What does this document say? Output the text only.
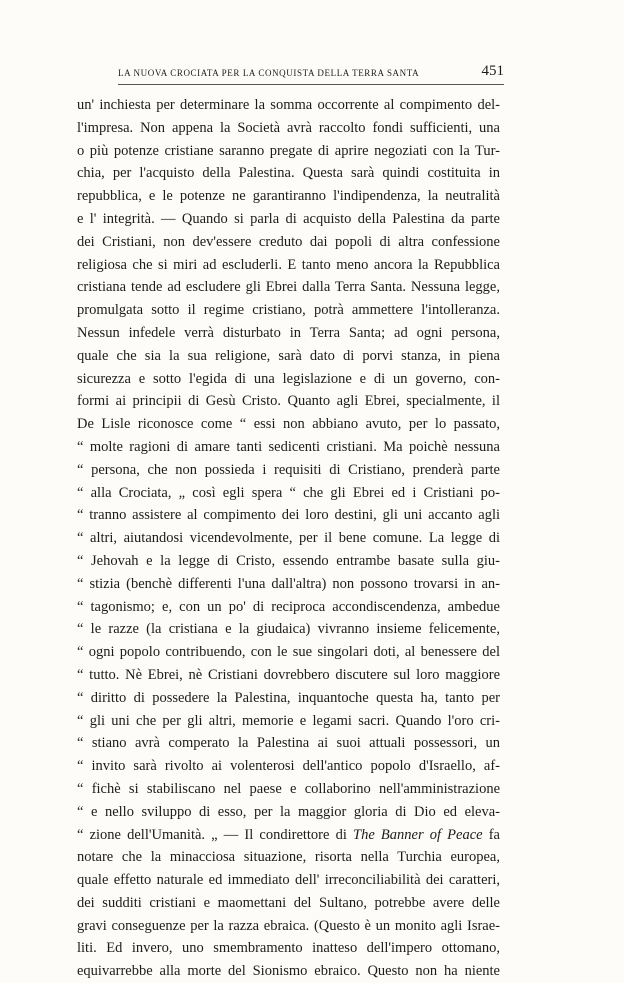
LA NUOVA CROCIATA PER LA CONQUISTA DELLA TERRA SANTA	451
un' inchiesta per determinare la somma occorrente al compimento del-
l'impresa. Non appena la Società avrà raccolto fondi sufficienti, una
o più potenze cristiane saranno pregate di aprire negoziati con la Tur-
chia, per l'acquisto della Palestina. Questa sarà quindi costituita in
repubblica, e le potenze ne garantiranno l'indipendenza, la neutralità
e l' integrità. — Quando si parla di acquisto della Palestina da parte
dei Cristiani, non dev'essere creduto dai popoli di altra confessione
religiosa che si miri ad escluderli. E tanto meno ancora la Repubblica
cristiana tende ad escludere gli Ebrei dalla Terra Santa. Nessuna legge,
promulgata sotto il regime cristiano, potrà ammettere l'intolleranza.
Nessun infedele verrà disturbato in Terra Santa; ad ogni persona,
quale che sia la sua religione, sarà dato di porvi stanza, in piena
sicurezza e sotto l'egida di una legislazione e di un governo, con-
formi ai principii di Gesù Cristo. Quanto agli Ebrei, specialmente, il
De Lisle riconosce come “ essi non abbiano avuto, per lo passato,
“ molte ragioni di amare tanti sedicenti cristiani. Ma poichè nessuna
“ persona, che non possieda i requisiti di Cristiano, prenderà parte
“ alla Crociata, „ così egli spera “ che gli Ebrei ed i Cristiani po-
“ tranno assistere al compimento dei loro destini, gli uni accanto agli
“ altri, aiutandosi vicendevolmente, per il bene comune. La legge di
“ Jehovah e la legge di Cristo, essendo entrambe basate sulla giu-
“ stizia (benchè differenti l'una dall'altra) non possono trovarsi in an-
“ tagonismo; e, con un po' di reciproca accondiscendenza, ambedue
“ le razze (la cristiana e la giudaica) vivranno insieme felicemente,
“ ogni popolo contribuendo, con le sue singolari doti, al benessere del
“ tutto. Nè Ebrei, nè Cristiani dovrebbero discutere sul loro maggiore
“ diritto di possedere la Palestina, inquantoche questa ha, tanto per
“ gli uni che per gli altri, memorie e legami sacri. Quando l'oro cri-
“ stiano avrà comperato la Palestina ai suoi attuali possessori, un
“ invito sarà rivolto ai volenterosi dell'antico popolo d'Israello, af-
“ fichè si stabiliscano nel paese e collaborino nell'amministrazione
“ e nello sviluppo di esso, per la maggior gloria di Dio ed eleva-
“ zione dell'Umanità. „ — Il condirettore di The Banner of Peace fa
notare che la minacciosa situazione, risorta nella Turchia europea,
quale effetto naturale ed immediato dell' irreconciliabilità dei caratteri,
dei sudditi cristiani e maomettani del Sultano, potrebbe avere delle
gravi conseguenze per la razza ebraica. (Questo è un monito agli Israe-
liti. Ed invero, uno smembramento inatteso dell'impero ottomano,
equivarrebbe alla morte del Sionismo ebraico. Questo non ha niente
